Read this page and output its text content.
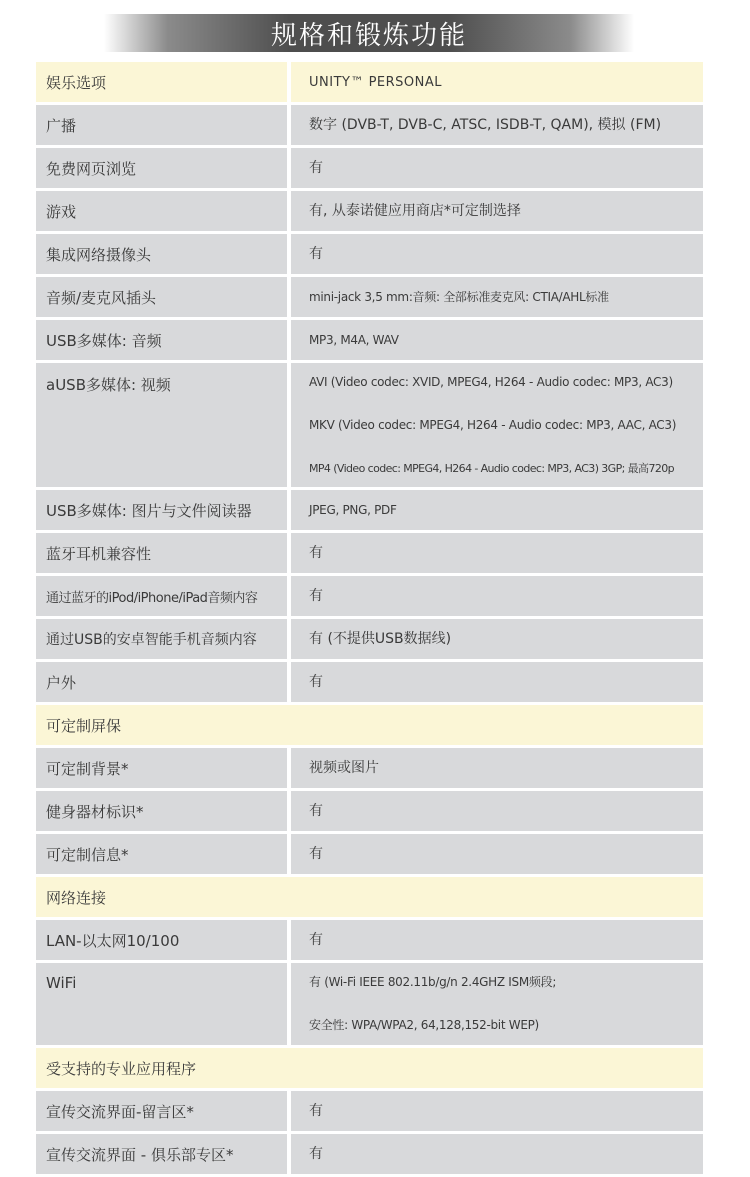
规格和锻炼功能
娱乐选项	UNITY™ PERSONAL
广播	数字 (DVB-T, DVB-C, ATSC, ISDB-T, QAM), 模拟 (FM)
免费网页浏览	有
游戏	有, 从泰诺健应用商店*可定制选择
集成网络摄像头	有
音频/麦克风插头	mini-jack 3,5 mm:音频: 全部标准麦克风: CTIA/AHL标准
USB多媒体: 音频	MP3, M4A, WAV
aUSB多媒体: 视频	AVI (Video codec: XVID, MPEG4, H264 - Audio codec: MP3, AC3)
MKV (Video codec: MPEG4, H264 - Audio codec: MP3, AAC, AC3)
MP4 (Video codec: MPEG4, H264 - Audio codec: MP3, AC3) 3GP; 最高720p
USB多媒体: 图片与文件阅读器	JPEG, PNG, PDF
蓝牙耳机兼容性	有
通过蓝牙的iPod/iPhone/iPad音频内容	有
通过USB的安卓智能手机音频内容	有 (不提供USB数据线)
户外	有
可定制屏保
可定制背景*	视频或图片
健身器材标识*	有
可定制信息*	有
网络连接
LAN-以太网10/100	有
WiFi	有 (Wi-Fi IEEE 802.11b/g/n 2.4GHZ ISM频段;
安全性: WPA/WPA2, 64,128,152-bit WEP)
受支持的专业应用程序
宣传交流界面-留言区*	有
宣传交流界面 - 俱乐部专区*	有
